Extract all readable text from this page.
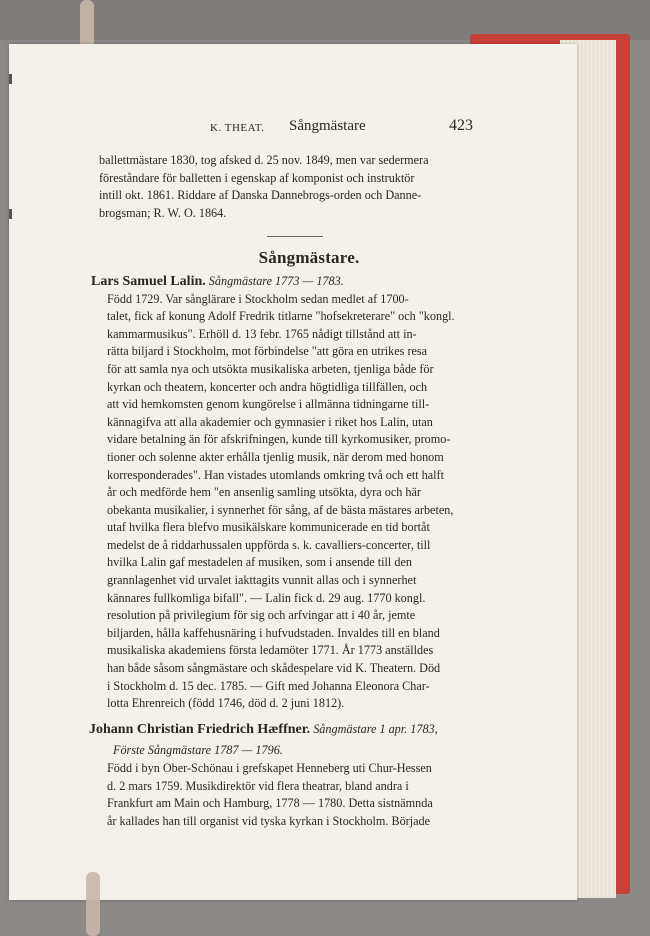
K. THEAT. Sångmästare	423

ballettmästare 1830, tog afsked d. 25 nov. 1849, men var sedermera

föreståndare för balletten i egenskap af komponist och instruktör

intill okt. 1861. Riddare af Danska Dannebrogs-orden och Danne-

brogsman; R. W. O. 1864.

Sångmästare.
Lars Samuel Lalin. Sångmästare 1773 — 1783.

Född 1729. Var sånglärare i Stockholm sedan medlet af 1700-

talet, fick af konung Adolf Fredrik titlarne "hofsekreterare" och "kongl.

kammarmusikus". Erhöll d. 13 febr. 1765 nådigt tillstånd att in-

rätta biljard i Stockholm, mot förbindelse "att göra en utrikes resa

för att samla nya och utsökta musikaliska arbeten, tjenliga både för

kyrkan och theatern, koncerter och andra högtidliga tillfällen, och

att vid hemkomsten genom kungörelse i allmänna tidningarne till-

kännagifva att alla akademier och gymnasier i riket hos Lalin, utan

vidare betalning än för afskrifningen, kunde till kyrkomusiker, promo-

tioner och solenne akter erhålla tjenlig musik, när derom med honom

korresponderades". Han vistades utomlands omkring två och ett halft

år och medförde hem "en ansenlig samling utsökta, dyra och här

obekanta musikalier, i synnerhet för sång, af de bästa mästares arbeten,

utaf hvilka flera blefvo musikälskare kommunicerade en tid bortåt

medelst de å riddarhussalen uppförda s. k. cavalliers-concerter, till

hvilka Lalin gaf mestadelen af musiken, som i ansende till den

grannlagenhet vid urvalet iakttagits vunnit allas och i synnerhet

kännares fullkomliga bifall". — Lalin fick d. 29 aug. 1770 kongl.

resolution på privilegium för sig och arfvingar att i 40 år, jemte

biljarden, hålla kaffehusnäring i hufvudstaden. Invaldes till en bland

musikaliska akademiens första ledamöter 1771. År 1773 anställdes

han både såsom sångmästare och skådespelare vid K. Theatern. Död

i Stockholm d. 15 dec. 1785. — Gift med Johanna Eleonora Char-

lotta Ehrenreich (född 1746, död d. 2 juni 1812).

Johann Christian Friedrich Hæffner. Sångmästare 1 apr. 1783,
Förste Sångmästare 1787 — 1796.

Född i byn Ober-Schönau i grefskapet Henneberg uti Chur-Hessen

d. 2 mars 1759. Musikdirektör vid flera theatrar, bland andra i

Frankfurt am Main och Hamburg, 1778 — 1780. Detta sistnämnda

år kallades han till organist vid tyska kyrkan i Stockholm. Började
